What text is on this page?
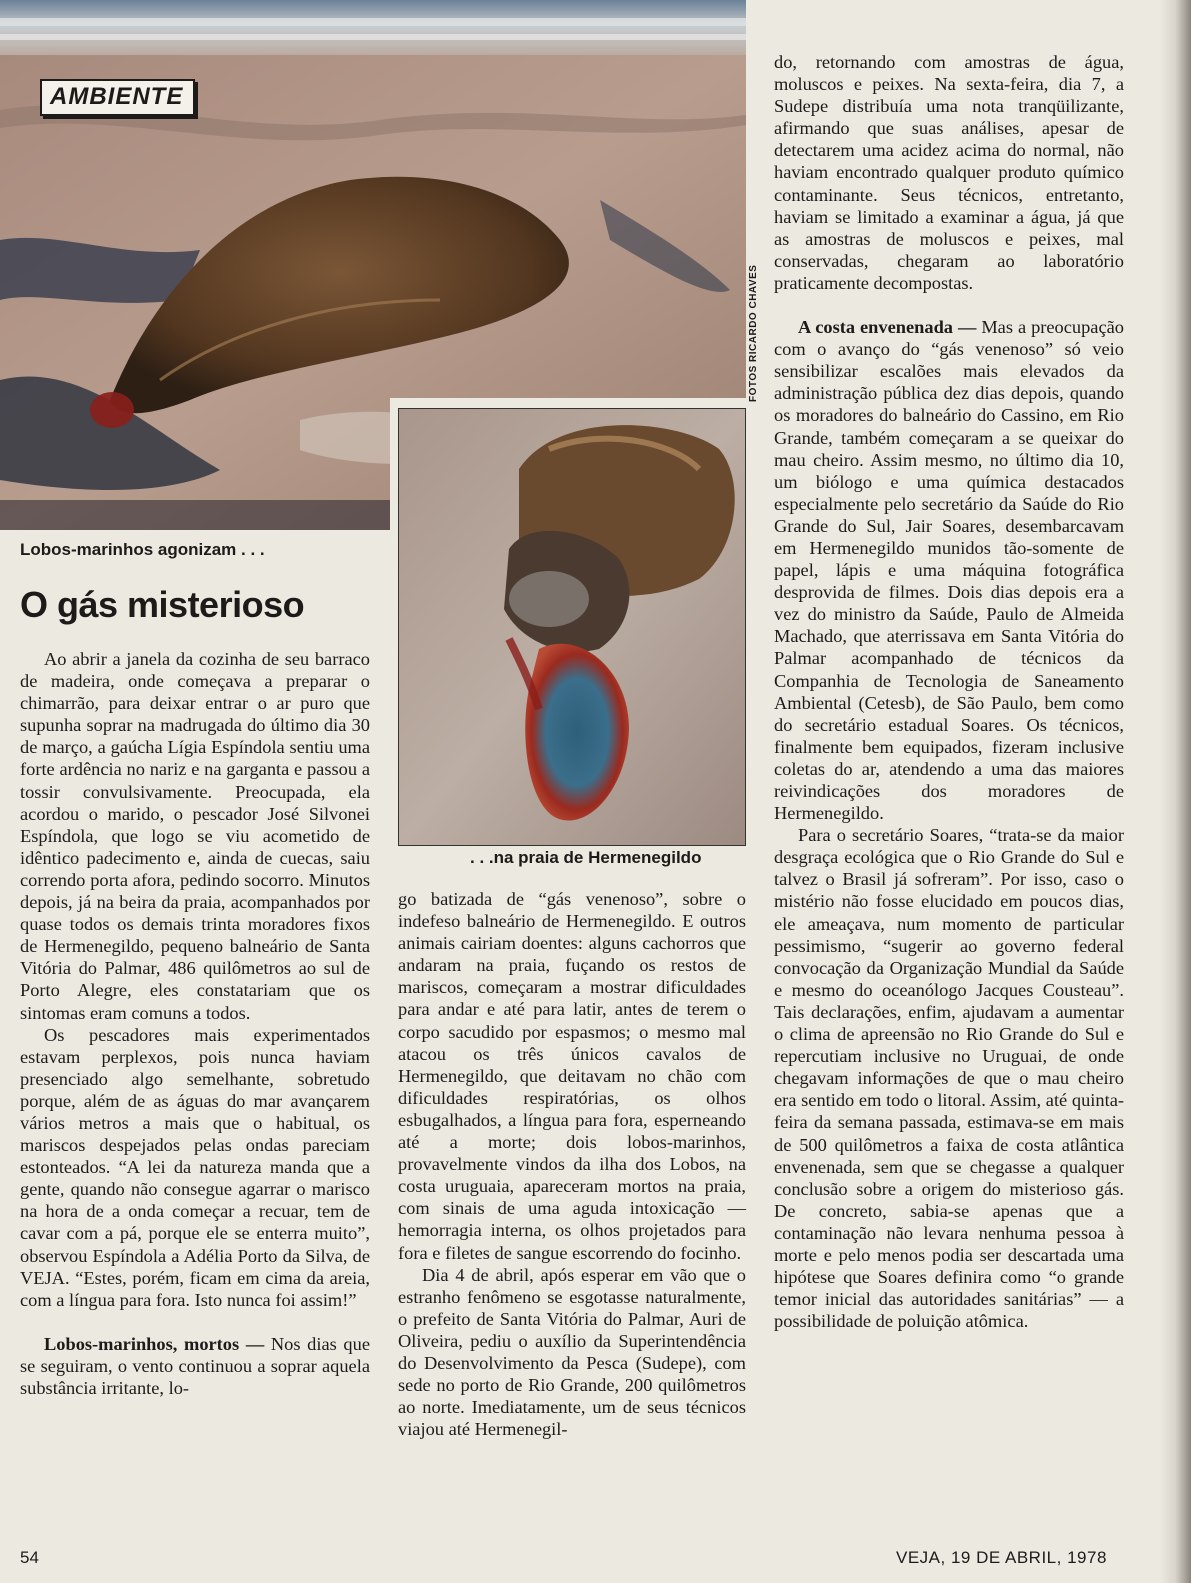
AMBIENTE
FOTOS RICARDO CHAVES
Lobos-marinhos agonizam . . .
. . .na praia de Hermenegildo
O gás misterioso

Ao abrir a janela da cozinha de seu barraco de madeira, onde começava a preparar o chimarrão, para deixar entrar o ar puro que supunha soprar na madrugada do último dia 30 de março, a gaúcha Lígia Espíndola sentiu uma forte ardência no nariz e na garganta e passou a tossir convulsivamente. Preocupada, ela acordou o marido, o pescador José Silvonei Espíndola, que logo se viu acometido de idêntico padecimento e, ainda de cuecas, saiu correndo porta afora, pedindo socorro. Minutos depois, já na beira da praia, acompanhados por quase todos os demais trinta moradores fixos de Hermenegildo, pequeno balneário de Santa Vitória do Palmar, 486 quilômetros ao sul de Porto Alegre, eles constatariam que os sintomas eram comuns a todos.

Os pescadores mais experimentados estavam perplexos, pois nunca haviam presenciado algo semelhante, sobretudo porque, além de as águas do mar avançarem vários metros a mais que o habitual, os mariscos despejados pelas ondas pareciam estonteados. “A lei da natureza manda que a gente, quando não consegue agarrar o marisco na hora de a onda começar a recuar, tem de cavar com a pá, porque ele se enterra muito”, observou Espíndola a Adélia Porto da Silva, de VEJA. “Estes, porém, ficam em cima da areia, com a língua para fora. Isto nunca foi assim!”

Lobos-marinhos, mortos — Nos dias que se seguiram, o vento continuou a soprar aquela substância irritante, lo-

go batizada de “gás venenoso”, sobre o indefeso balneário de Hermenegildo. E outros animais cairiam doentes: alguns cachorros que andaram na praia, fuçando os restos de mariscos, começaram a mostrar dificuldades para andar e até para latir, antes de terem o corpo sacudido por espasmos; o mesmo mal atacou os três únicos cavalos de Hermenegildo, que deitavam no chão com dificuldades respiratórias, os olhos esbugalhados, a língua para fora, esperneando até a morte; dois lobos-marinhos, provavelmente vindos da ilha dos Lobos, na costa uruguaia, apareceram mortos na praia, com sinais de uma aguda intoxicação — hemorragia interna, os olhos projetados para fora e filetes de sangue escorrendo do focinho.

Dia 4 de abril, após esperar em vão que o estranho fenômeno se esgotasse naturalmente, o prefeito de Santa Vitória do Palmar, Auri de Oliveira, pediu o auxílio da Superintendência do Desenvolvimento da Pesca (Sudepe), com sede no porto de Rio Grande, 200 quilômetros ao norte. Imediatamente, um de seus técnicos viajou até Hermenegil-

do, retornando com amostras de água, moluscos e peixes. Na sexta-feira, dia 7, a Sudepe distribuía uma nota tranqüilizante, afirmando que suas análises, apesar de detectarem uma acidez acima do normal, não haviam encontrado qualquer produto químico contaminante. Seus técnicos, entretanto, haviam se limitado a examinar a água, já que as amostras de moluscos e peixes, mal conservadas, chegaram ao laboratório praticamente decompostas.

A costa envenenada — Mas a preocupação com o avanço do “gás venenoso” só veio sensibilizar escalões mais elevados da administração pública dez dias depois, quando os moradores do balneário do Cassino, em Rio Grande, também começaram a se queixar do mau cheiro. Assim mesmo, no último dia 10, um biólogo e uma química destacados especialmente pelo secretário da Saúde do Rio Grande do Sul, Jair Soares, desembarcavam em Hermenegildo munidos tão-somente de papel, lápis e uma máquina fotográfica desprovida de filmes. Dois dias depois era a vez do ministro da Saúde, Paulo de Almeida Machado, que aterrissava em Santa Vitória do Palmar acompanhado de técnicos da Companhia de Tecnologia de Saneamento Ambiental (Cetesb), de São Paulo, bem como do secretário estadual Soares. Os técnicos, finalmente bem equipados, fizeram inclusive coletas do ar, atendendo a uma das maiores reivindicações dos moradores de Hermenegildo.

Para o secretário Soares, “trata-se da maior desgraça ecológica que o Rio Grande do Sul e talvez o Brasil já sofreram”. Por isso, caso o mistério não fosse elucidado em poucos dias, ele ameaçava, num momento de particular pessimismo, “sugerir ao governo federal convocação da Organização Mundial da Saúde e mesmo do oceanólogo Jacques Cousteau”. Tais declarações, enfim, ajudavam a aumentar o clima de apreensão no Rio Grande do Sul e repercutiam inclusive no Uruguai, de onde chegavam informações de que o mau cheiro era sentido em todo o litoral. Assim, até quinta-feira da semana passada, estimava-se em mais de 500 quilômetros a faixa de costa atlântica envenenada, sem que se chegasse a qualquer conclusão sobre a origem do misterioso gás. De concreto, sabia-se apenas que a contaminação não levara nenhuma pessoa à morte e pelo menos podia ser descartada uma hipótese que Soares definira como “o grande temor inicial das autoridades sanitárias” — a possibilidade de poluição atômica.

54	VEJA, 19 DE ABRIL, 1978
